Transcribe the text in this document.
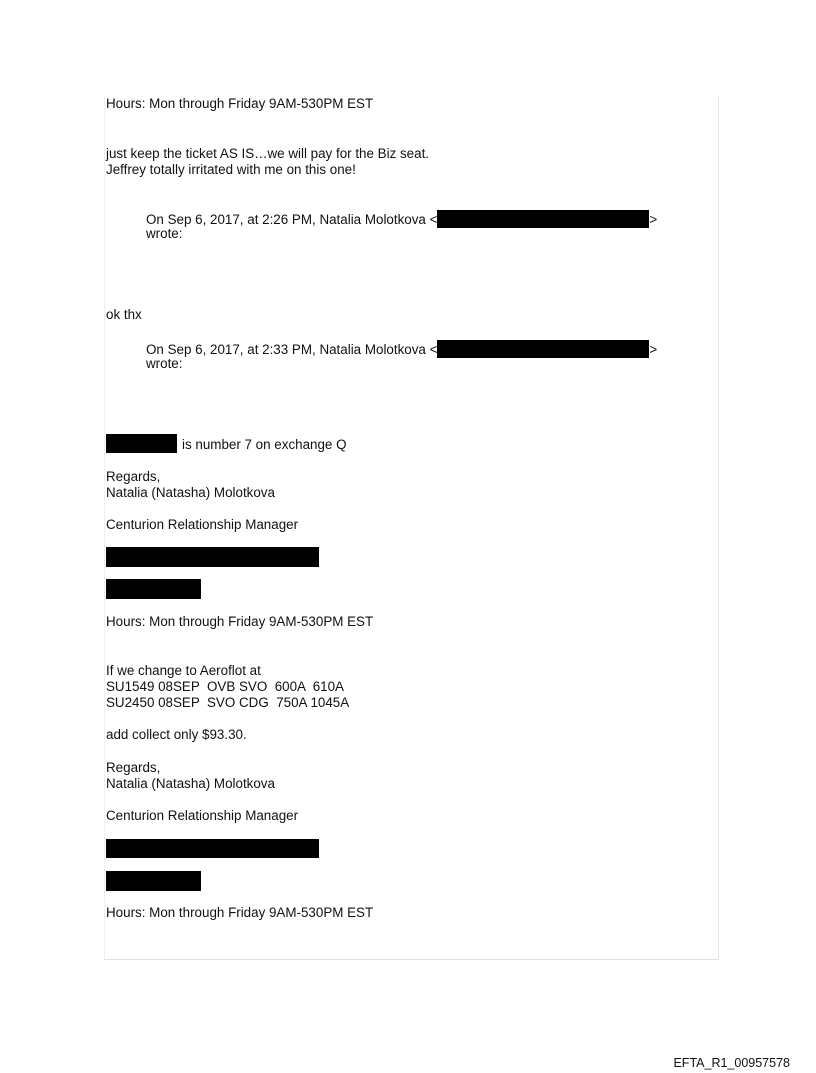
Hours: Mon through Friday 9AM-530PM EST
just keep the ticket AS IS…we will pay for the Biz seat.
Jeffrey totally irritated with me on this one!
On Sep 6, 2017, at 2:26 PM, Natalia Molotkova <	>
wrote:
ok thx
On Sep 6, 2017, at 2:33 PM, Natalia Molotkova <	>
wrote:
is number 7 on exchange Q
Regards,
Natalia (Natasha) Molotkova
Centurion Relationship Manager
Hours: Mon through Friday 9AM-530PM EST
If we change to Aeroflot at
SU1549 08SEP  OVB SVO  600A  610A
SU2450 08SEP  SVO CDG  750A 1045A
add collect only $93.30.
Regards,
Natalia (Natasha) Molotkova
Centurion Relationship Manager
Hours: Mon through Friday 9AM-530PM EST
EFTA_R1_00957578
